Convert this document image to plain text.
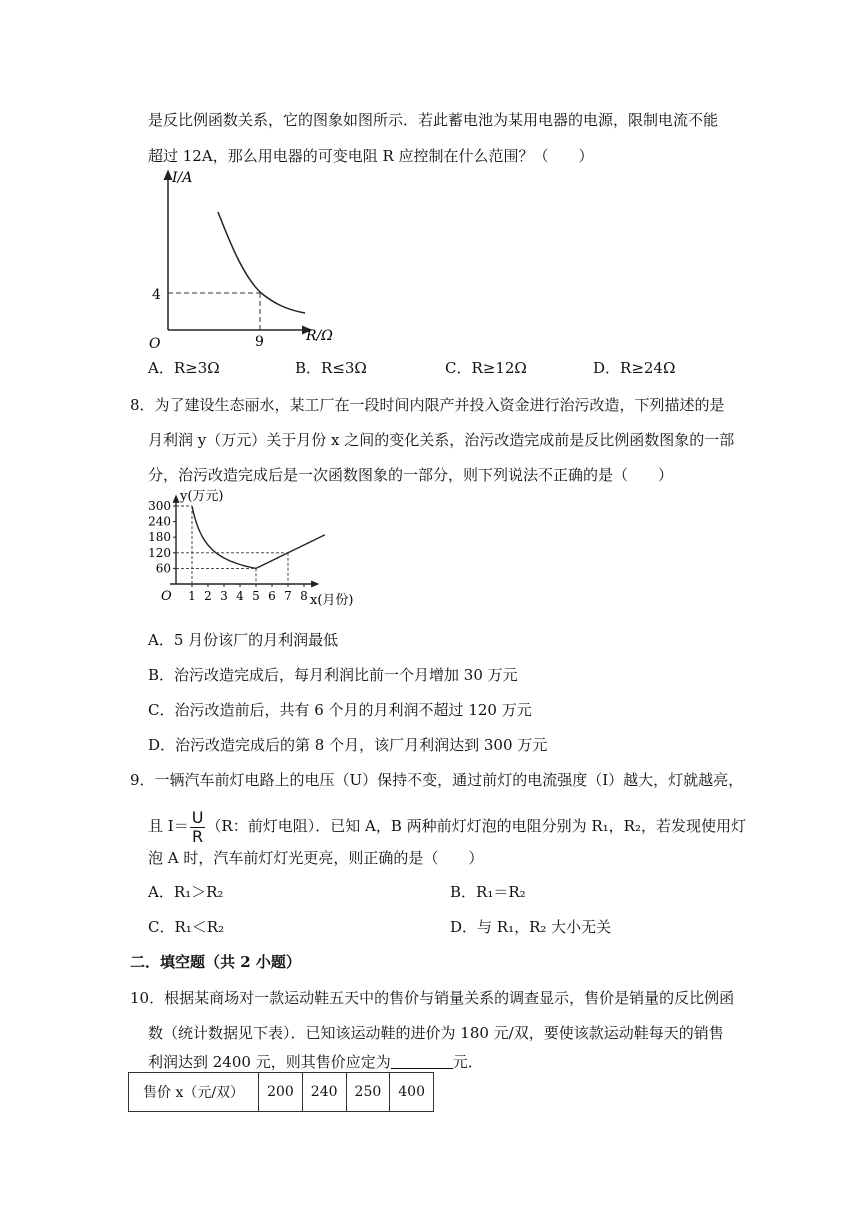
是反比例函数关系，它的图象如图所示．若此蓄电池为某用电器的电源，限制电流不能
超过 12A，那么用电器的可变电阻 R 应控制在什么范围？（　　）
I/A
R/Ω
O
4
9
A．R≥3Ω	B．R≤3Ω	C．R≥12Ω	D．R≥24Ω
8．为了建设生态丽水，某工厂在一段时间内限产并投入资金进行治污改造，下列描述的是
月利润 y（万元）关于月份 x 之间的变化关系，治污改造完成前是反比例函数图象的一部
分，治污改造完成后是一次函数图象的一部分，则下列说法不正确的是（　　）
300
240
180
120
60
1 2 3 4 5 6 7 8
O
y(万元)
x(月份)
A．5 月份该厂的月利润最低
B．治污改造完成后，每月利润比前一个月增加 30 万元
C．治污改造前后，共有 6 个月的月利润不超过 120 万元
D．治污改造完成后的第 8 个月，该厂月利润达到 300 万元
9．一辆汽车前灯电路上的电压（U）保持不变，通过前灯的电流强度（I）越大，灯就越亮，
且 $I= \frac{U}{R} (R$：前灯电阻）．已知 A，B 两种前灯灯泡的电阻分别为 R₁，R₂，若发现使用灯
泡 A 时，汽车前灯灯光更亮，则正确的是（　　）
A．R₁＞R₂	B．R₁＝R₂
C．R₁＜R₂	D．与 R₁，R₂ 大小无关
二．填空题（共 2 小题）
10．根据某商场对一款运动鞋五天中的售价与销量关系的调查显示，售价是销量的反比例函
数（统计数据见下表）．已知该运动鞋的进价为 180 元/双，要使该款运动鞋每天的销售
利润达到 2400 元，则其售价应定为	元．
售价 x（元/双）	200	240	250	400
